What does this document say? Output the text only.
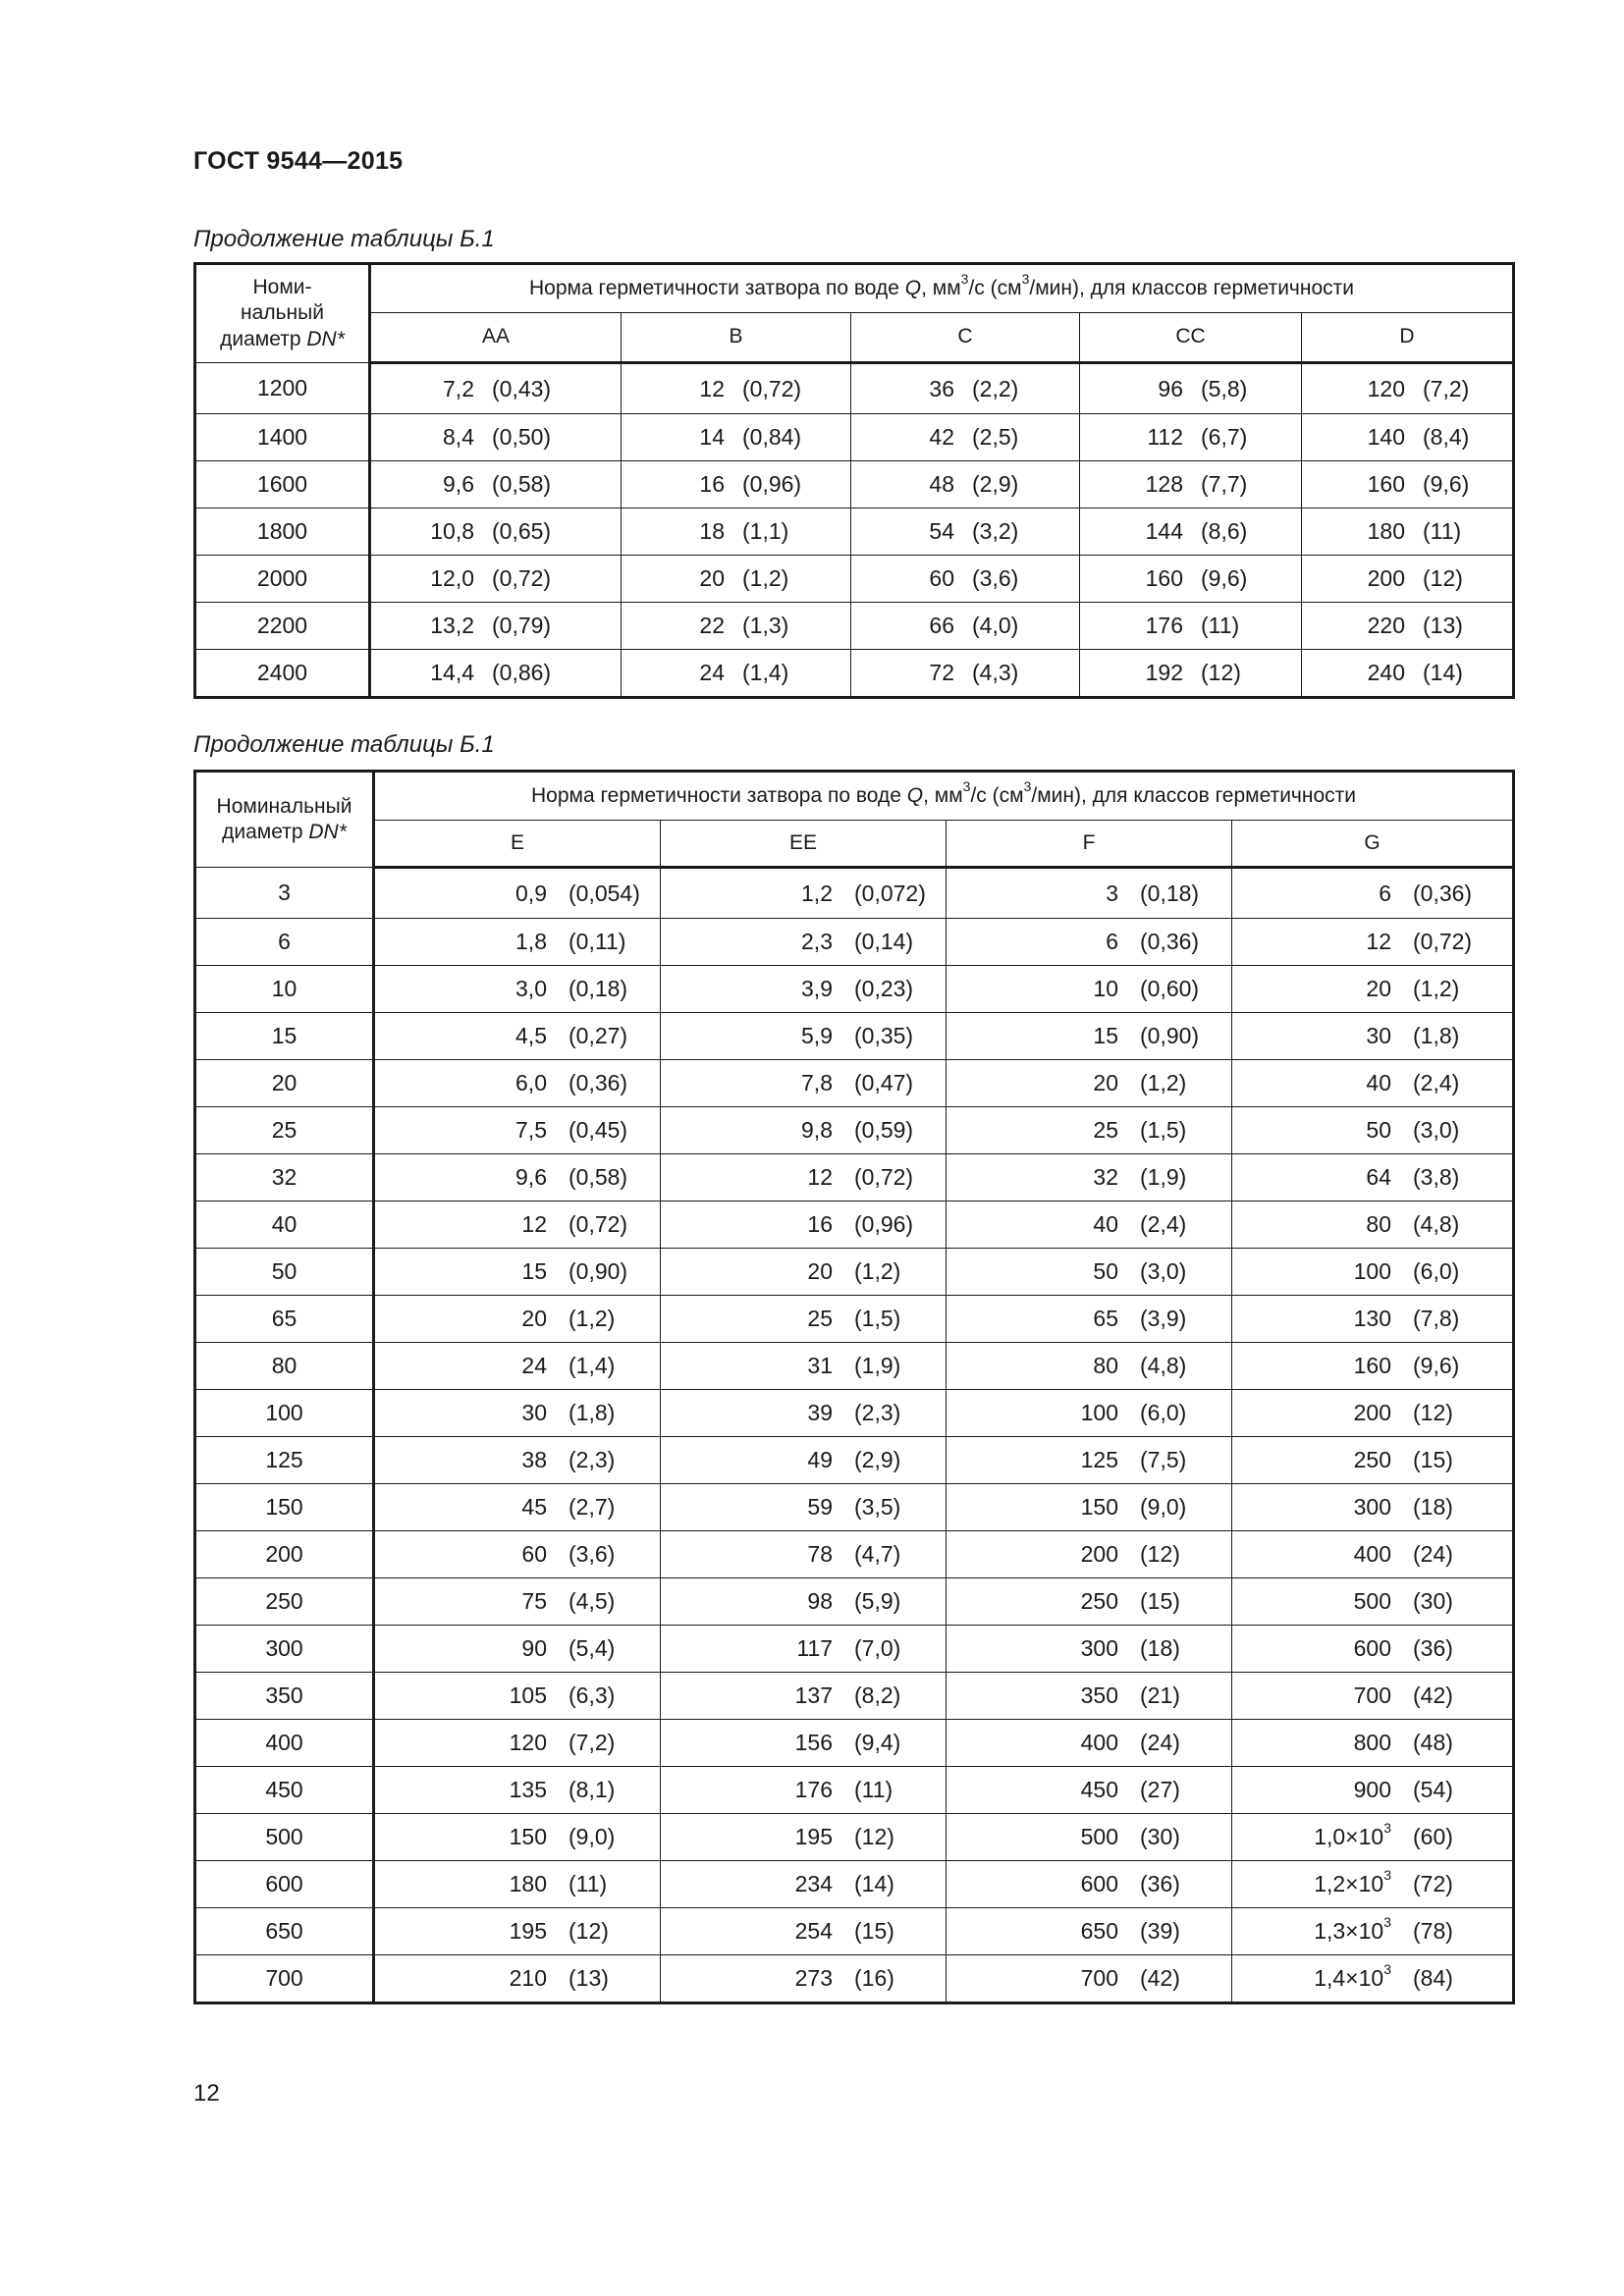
ГОСТ 9544—2015
Продолжение таблицы Б.1
Номи-
нальный
диаметр DN*	Норма герметичности затвора по воде Q, $мм^3/с$ $(см^3/мин)$, для классов герметичности				
	AA	B	C	CC	D
1200	7,2 (0,43)	12 (0,72)	36 (2,2)	96 (5,8)	120 (7,2)
1400	8,4 (0,50)	14 (0,84)	42 (2,5)	112 (6,7)	140 (8,4)
1600	9,6 (0,58)	16 (0,96)	48 (2,9)	128 (7,7)	160 (9,6)
1800	10,8 (0,65)	18 (1,1)	54 (3,2)	144 (8,6)	180 (11)
2000	12,0 (0,72)	20 (1,2)	60 (3,6)	160 (9,6)	200 (12)
2200	13,2 (0,79)	22 (1,3)	66 (4,0)	176 (11)	220 (13)
2400	14,4 (0,86)	24 (1,4)	72 (4,3)	192 (12)	240 (14)
Продолжение таблицы Б.1
Номинальный
диаметр DN*	Норма герметичности затвора по воде Q, $мм^3/с$ $(см^3/мин)$, для классов герметичности			
	E	EE	F	G
3	0,9 (0,054)	1,2 (0,072)	3 (0,18)	6 (0,36)
6	1,8 (0,11)	2,3 (0,14)	6 (0,36)	12 (0,72)
10	3,0 (0,18)	3,9 (0,23)	10 (0,60)	20 (1,2)
15	4,5 (0,27)	5,9 (0,35)	15 (0,90)	30 (1,8)
20	6,0 (0,36)	7,8 (0,47)	20 (1,2)	40 (2,4)
25	7,5 (0,45)	9,8 (0,59)	25 (1,5)	50 (3,0)
32	9,6 (0,58)	12 (0,72)	32 (1,9)	64 (3,8)
40	12 (0,72)	16 (0,96)	40 (2,4)	80 (4,8)
50	15 (0,90)	20 (1,2)	50 (3,0)	100 (6,0)
65	20 (1,2)	25 (1,5)	65 (3,9)	130 (7,8)
80	24 (1,4)	31 (1,9)	80 (4,8)	160 (9,6)
100	30 (1,8)	39 (2,3)	100 (6,0)	200 (12)
125	38 (2,3)	49 (2,9)	125 (7,5)	250 (15)
150	45 (2,7)	59 (3,5)	150 (9,0)	300 (18)
200	60 (3,6)	78 (4,7)	200 (12)	400 (24)
250	75 (4,5)	98 (5,9)	250 (15)	500 (30)
300	90 (5,4)	117 (7,0)	300 (18)	600 (36)
350	105 (6,3)	137 (8,2)	350 (21)	700 (42)
400	120 (7,2)	156 (9,4)	400 (24)	800 (48)
450	135 (8,1)	176 (11)	450 (27)	900 (54)
500	150 (9,0)	195 (12)	500 (30)	$1,0\times 10^3$ (60)
600	180 (11)	234 (14)	600 (36)	$1,2\times 10^3$ (72)
650	195 (12)	254 (15)	650 (39)	$1,3\times 10^3$ (78)
700	210 (13)	273 (16)	700 (42)	$1,4\times 10^3$ (84)
12
